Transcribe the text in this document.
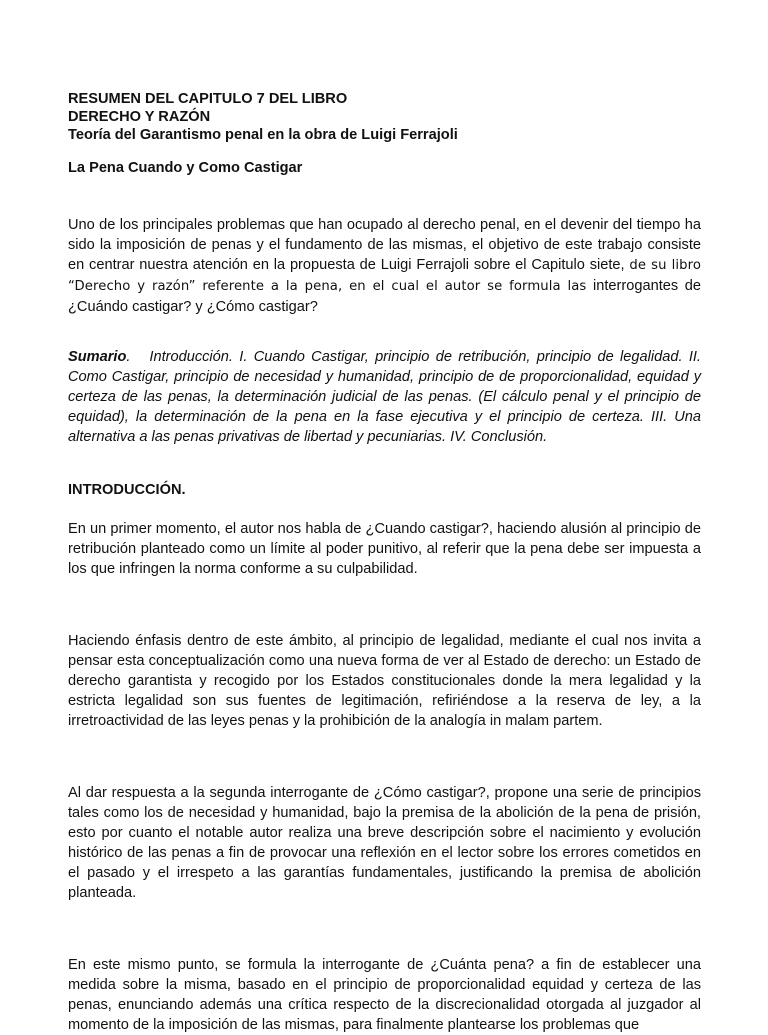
RESUMEN DEL CAPITULO 7 DEL LIBRO
DERECHO Y RAZÓN
Teoría del Garantismo penal en la obra de Luigi Ferrajoli
La Pena Cuando y Como Castigar

Uno de los principales problemas que han ocupado al derecho penal, en el devenir del tiempo ha sido la imposición de penas y el fundamento de las mismas, el objetivo de este trabajo consiste en centrar nuestra atención en la propuesta de Luigi Ferrajoli sobre el Capitulo siete, de su libro “Derecho y razón” referente a la pena, en el cual el autor se formula las interrogantes de ¿Cuándo castigar? y ¿Cómo castigar?

Sumario.   Introducción. I. Cuando Castigar, principio de retribución, principio de legalidad. II. Como Castigar, principio de necesidad y humanidad, principio de de proporcionalidad, equidad y certeza de las penas, la determinación judicial de las penas. (El cálculo penal y el principio de equidad), la determinación de la pena en la fase ejecutiva y el principio de certeza. III. Una alternativa a las penas privativas de libertad y pecuniarias. IV. Conclusión.

INTRODUCCIÓN.

En un primer momento, el autor nos habla de ¿Cuando castigar?, haciendo alusión al principio de retribución planteado como un límite al poder punitivo, al referir que la pena debe ser impuesta a los que infringen la norma conforme a su culpabilidad.

Haciendo énfasis dentro de este ámbito, al principio de legalidad, mediante el cual nos invita a pensar esta conceptualización como una nueva forma de ver al Estado de derecho: un Estado de derecho garantista y recogido por los Estados constitucionales donde la mera legalidad y la estricta legalidad son sus fuentes de legitimación, refiriéndose a la reserva de ley, a la irretroactividad de las leyes penas y la prohibición de la analogía in malam partem.

Al dar respuesta a la segunda interrogante de ¿Cómo castigar?, propone una serie de principios tales como los de necesidad y humanidad, bajo la premisa de la abolición de la pena de prisión, esto por cuanto el notable autor realiza una breve descripción sobre el nacimiento y evolución histórico de las penas a fin de provocar una reflexión en el lector sobre los errores cometidos en el pasado y el irrespeto a las garantías fundamentales, justificando la premisa de abolición planteada.

En este mismo punto, se formula la interrogante de ¿Cuánta pena? a fin de establecer una medida sobre la misma, basado en el principio de proporcionalidad equidad y certeza de las penas, enunciando además una crítica respecto de la discrecionalidad otorgada al juzgador al momento de la imposición de las mismas, para finalmente plantearse los problemas que
